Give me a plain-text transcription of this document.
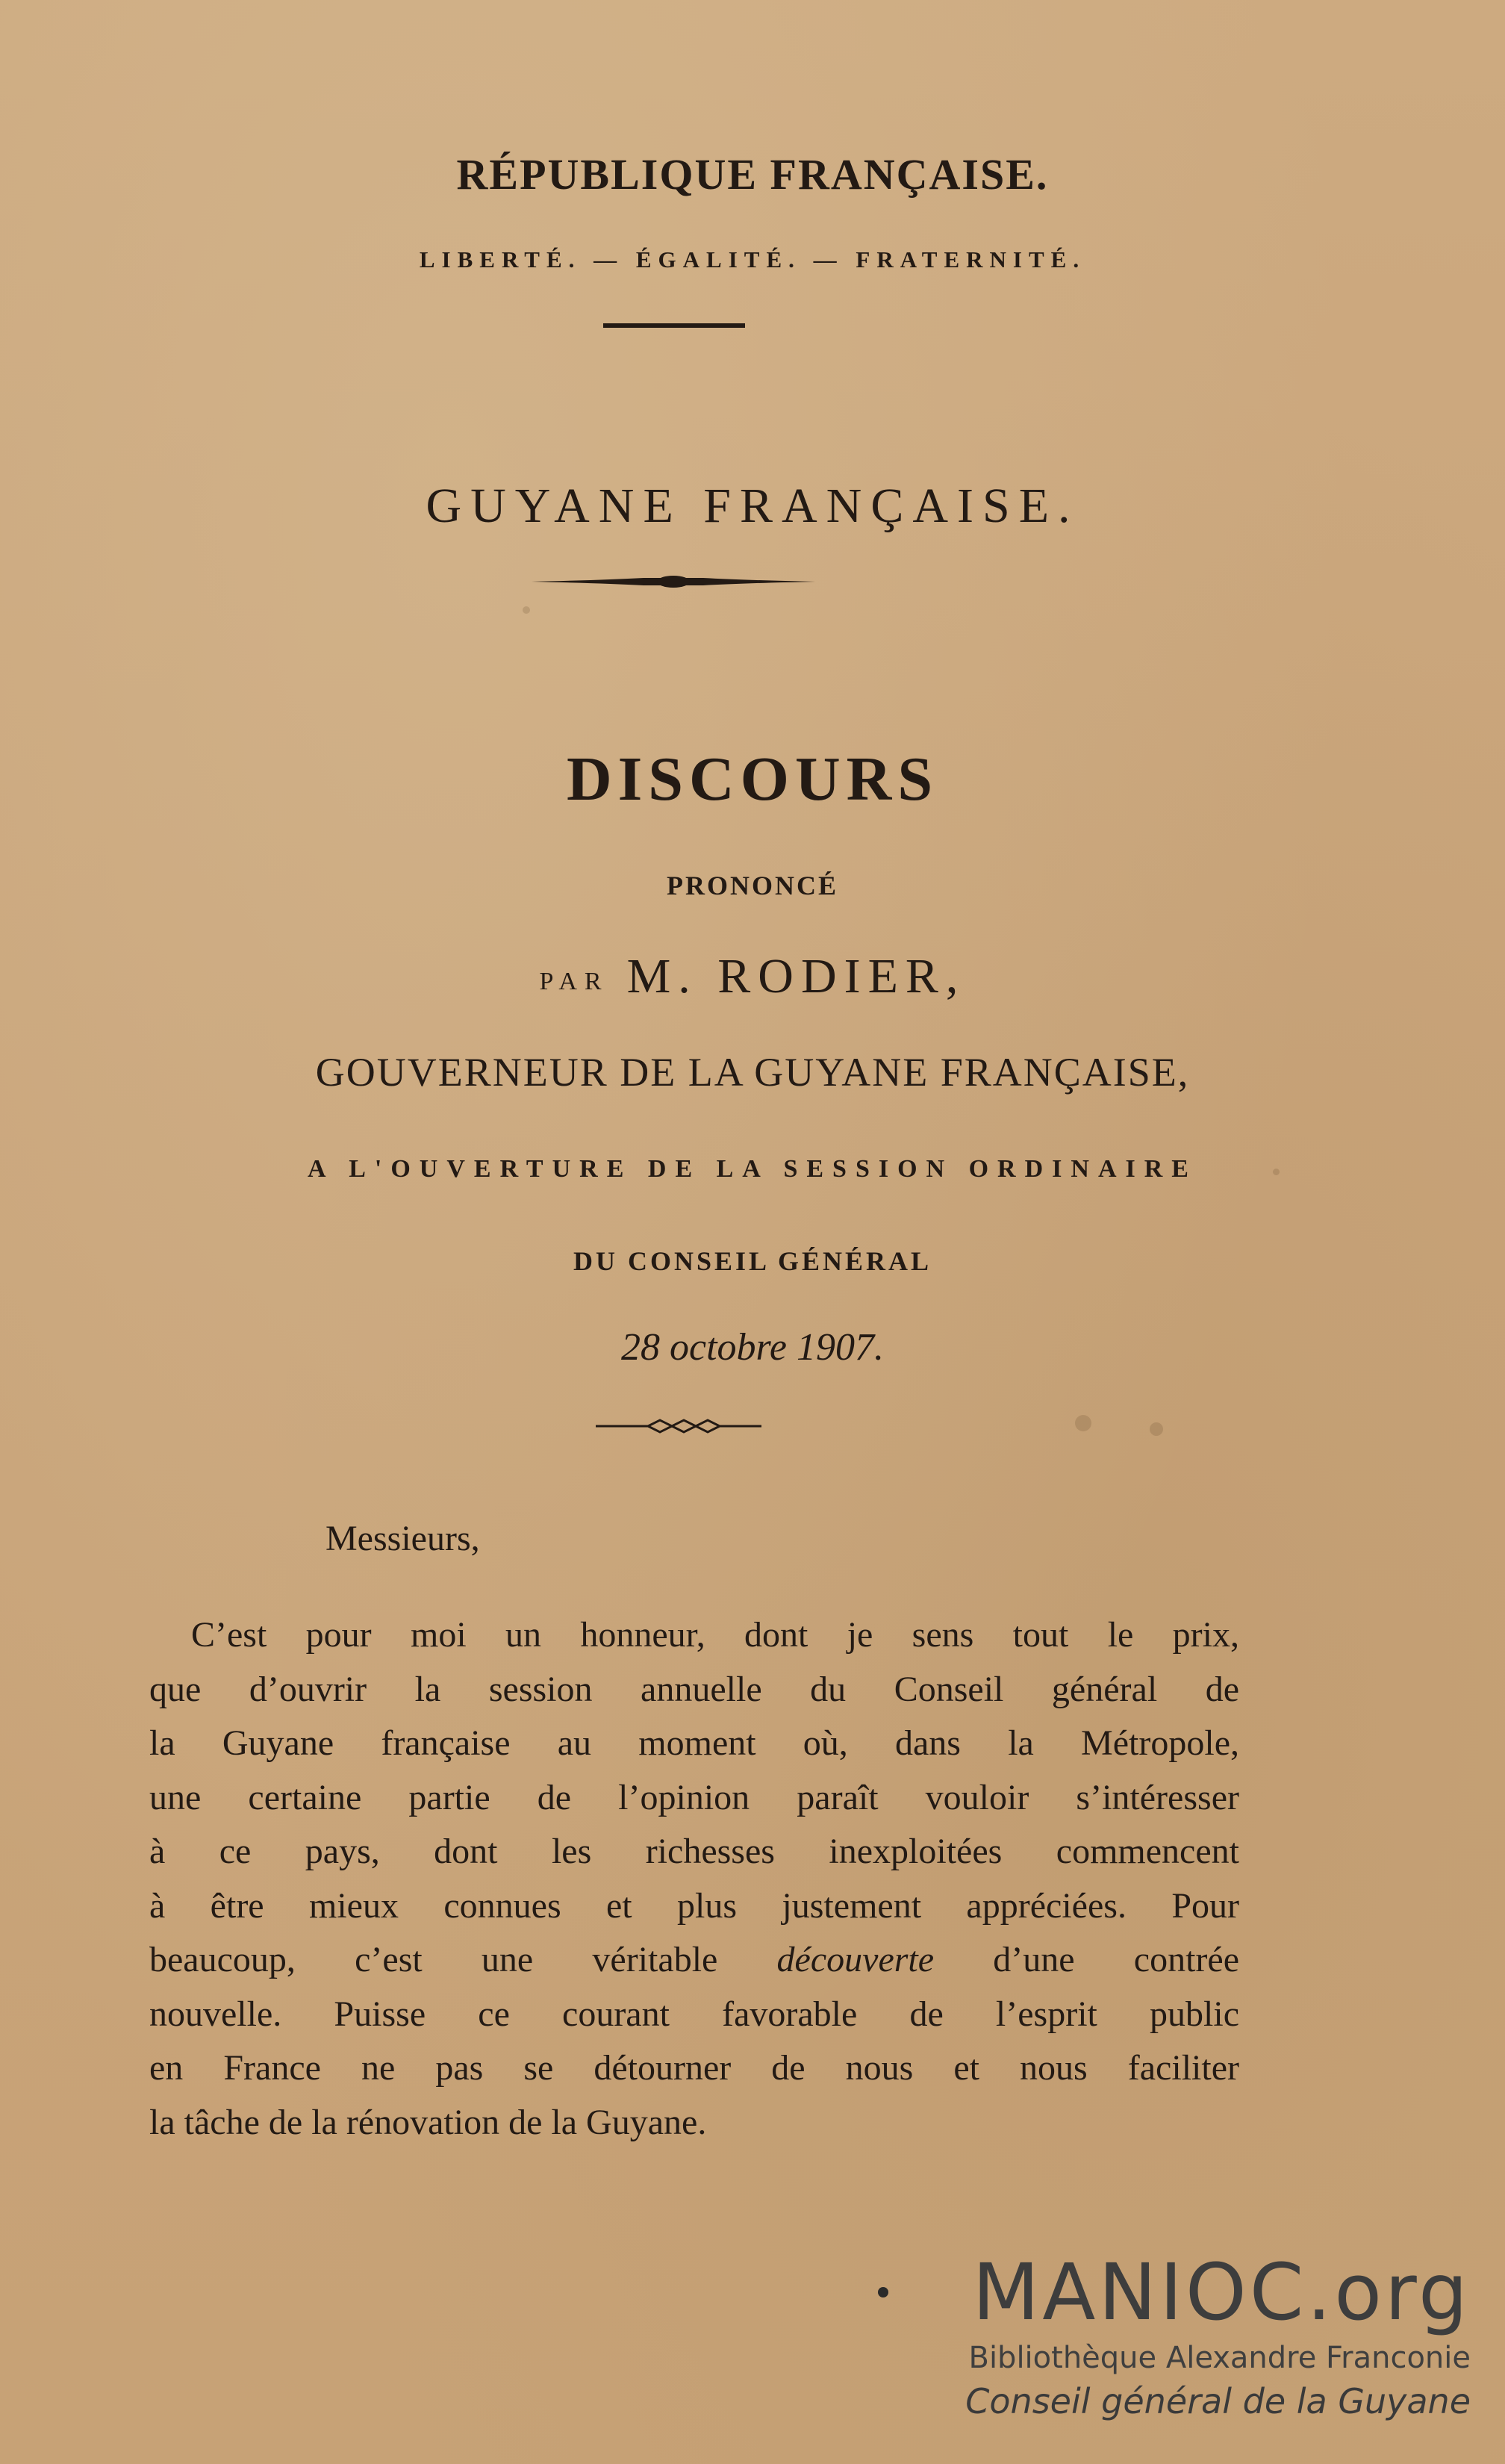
RÉPUBLIQUE FRANÇAISE.
LIBERTÉ. — ÉGALITÉ. — FRATERNITÉ.
GUYANE FRANÇAISE.
DISCOURS
PRONONCÉ
PAR M. RODIER,
GOUVERNEUR DE LA GUYANE FRANÇAISE,
A L'OUVERTURE DE LA SESSION ORDINAIRE
DU CONSEIL GÉNÉRAL
28 octobre 1907.
Messieurs,
C’est pour moi un honneur, dont je sens tout le prix,
que d’ouvrir la session annuelle du Conseil général de
la Guyane française au moment où, dans la Métropole,
une certaine partie de l’opinion paraît vouloir s’intéresser
à ce pays, dont les richesses inexploitées commencent
à être mieux connues et plus justement appréciées. Pour
beaucoup, c’est une véritable découverte d’une contrée
nouvelle. Puisse ce courant favorable de l’esprit public
en France ne pas se détourner de nous et nous faciliter
la tâche de la rénovation de la Guyane.
MANIOC.org
Bibliothèque Alexandre Franconie
Conseil général de la Guyane
